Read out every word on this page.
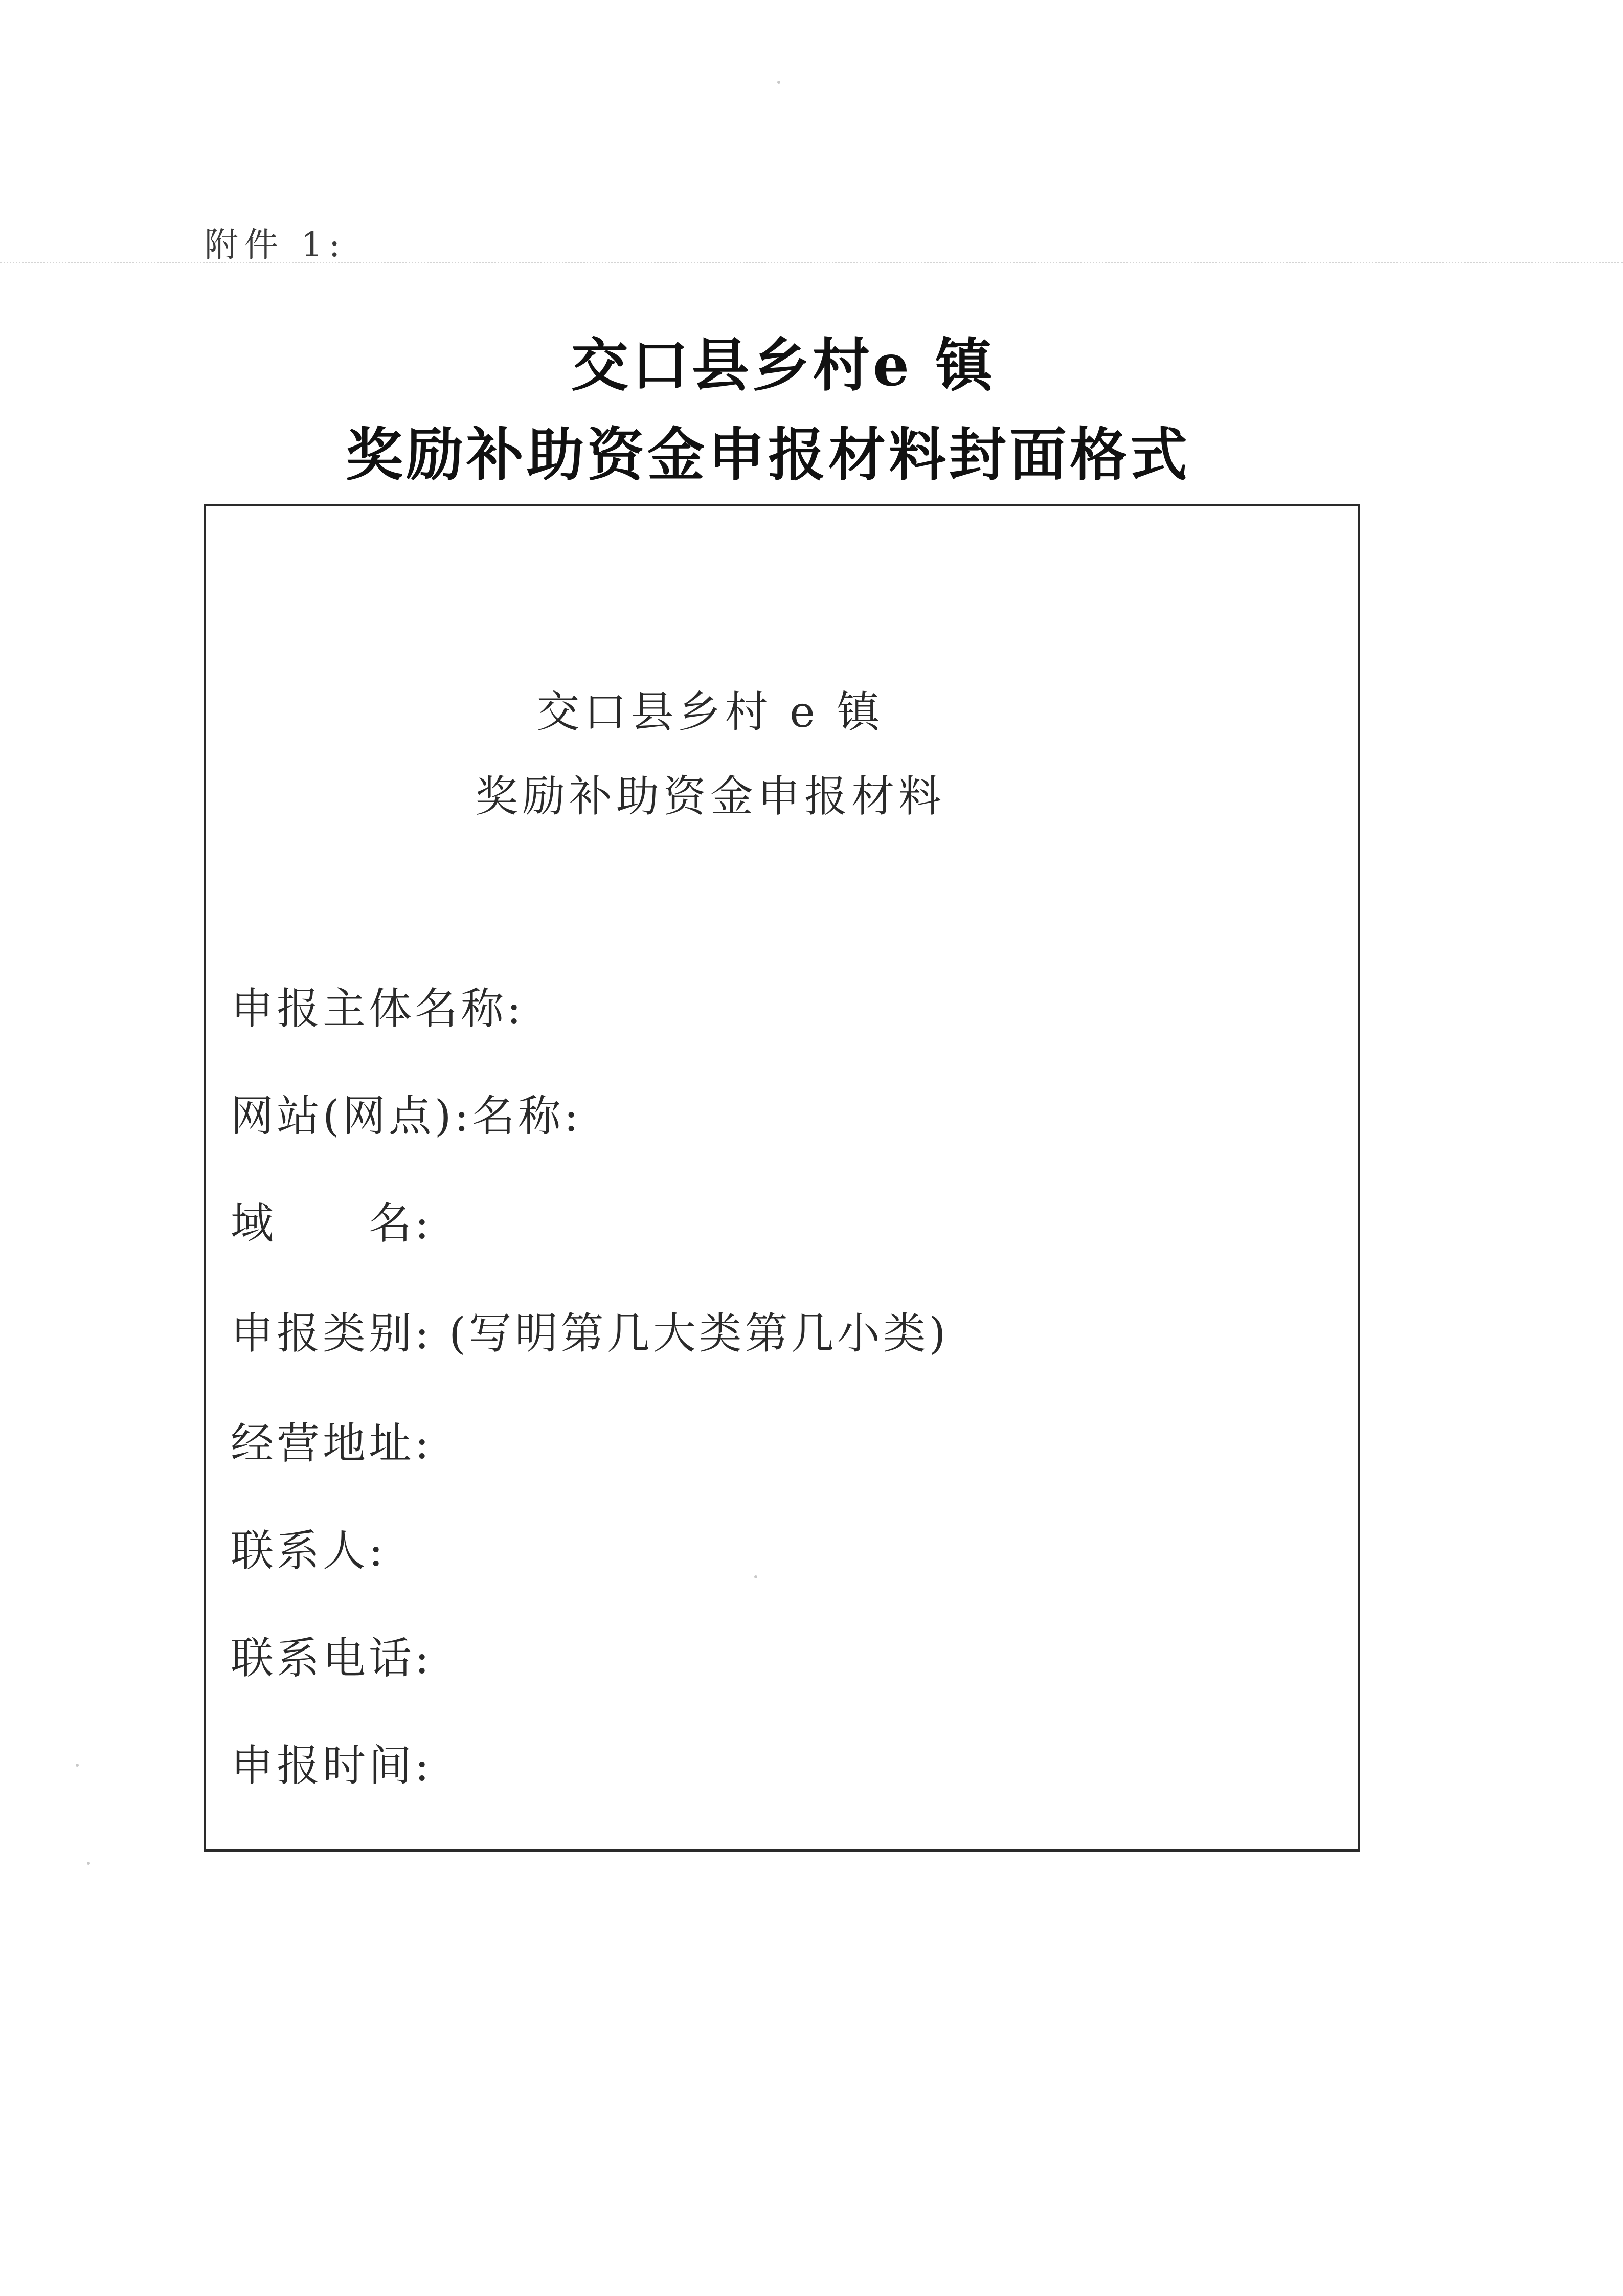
附件 1:
交口县乡村e 镇
奖励补助资金申报材料封面格式
交口县乡村 e 镇
奖励补助资金申报材料
申报主体名称:
网站(网点):名称:
域　　名:
申报类别: (写明第几大类第几小类)
经营地址:
联系人:
联系电话:
申报时间:
